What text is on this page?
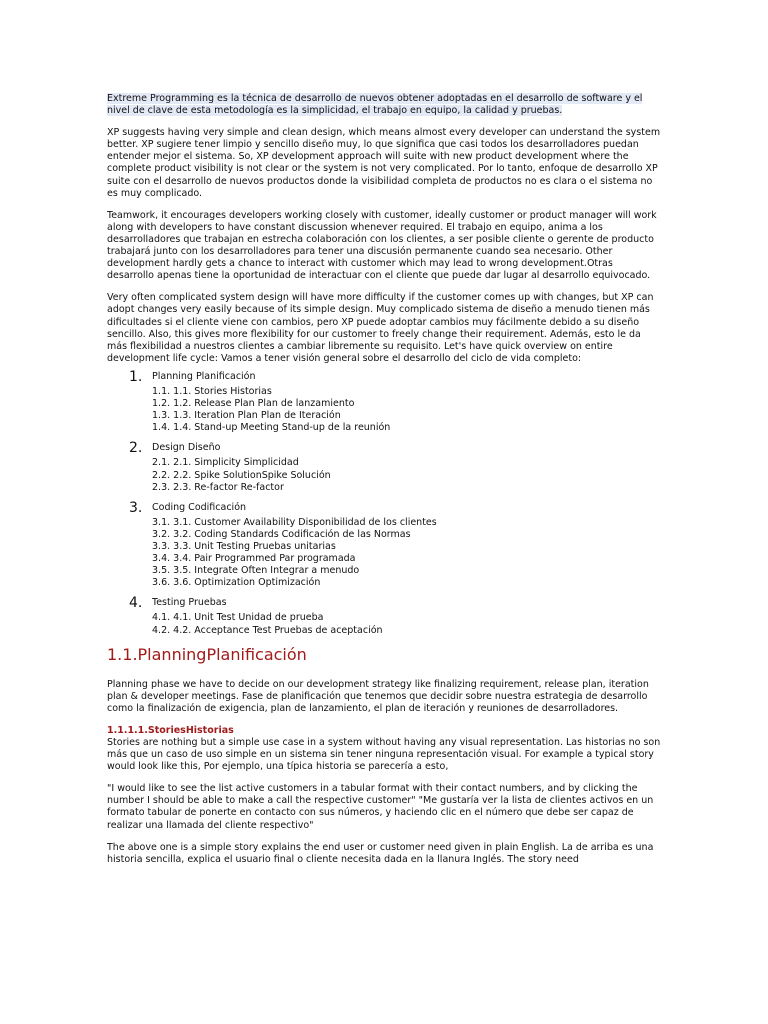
Extreme Programming es la técnica de desarrollo de nuevos obtener adoptadas en el desarrollo de software y el nivel de clave de esta metodología es la simplicidad, el trabajo en equipo, la calidad y pruebas.

XP suggests having very simple and clean design, which means almost every developer can understand the system better. XP sugiere tener limpio y sencillo diseño muy, lo que significa que casi todos los desarrolladores puedan entender mejor el sistema. So, XP development approach will suite with new product development where the complete product visibility is not clear or the system is not very complicated. Por lo tanto, enfoque de desarrollo XP suite con el desarrollo de nuevos productos donde la visibilidad completa de productos no es clara o el sistema no es muy complicado.

Teamwork, it encourages developers working closely with customer, ideally customer or product manager will work along with developers to have constant discussion whenever required. El trabajo en equipo, anima a los desarrolladores que trabajan en estrecha colaboración con los clientes, a ser posible cliente o gerente de producto trabajará junto con los desarrolladores para tener una discusión permanente cuando sea necesario. Other development hardly gets a chance to interact with customer which may lead to wrong development.Otras desarrollo apenas tiene la oportunidad de interactuar con el cliente que puede dar lugar al desarrollo equivocado.

Very often complicated system design will have more difficulty if the customer comes up with changes, but XP can adopt changes very easily because of its simple design. Muy complicado sistema de diseño a menudo tienen más dificultades si el cliente viene con cambios, pero XP puede adoptar cambios muy fácilmente debido a su diseño sencillo. Also, this gives more flexibility for our customer to freely change their requirement. Además, esto le da más flexibilidad a nuestros clientes a cambiar libremente su requisito. Let's have quick overview on entire development life cycle: Vamos a tener visión general sobre el desarrollo del ciclo de vida completo:

1. Planning Planificación
1.1. 1.1. Stories Historias
1.2. 1.2. Release Plan Plan de lanzamiento
1.3. 1.3. Iteration Plan Plan de Iteración
1.4. 1.4. Stand-up Meeting Stand-up de la reunión
2. Design Diseño
2.1. 2.1. Simplicity Simplicidad
2.2. 2.2. Spike SolutionSpike Solución
2.3. 2.3. Re-factor Re-factor
3. Coding Codificación
3.1. 3.1. Customer Availability Disponibilidad de los clientes
3.2. 3.2. Coding Standards Codificación de las Normas
3.3. 3.3. Unit Testing Pruebas unitarias
3.4. 3.4. Pair Programmed Par programada
3.5. 3.5. Integrate Often Integrar a menudo
3.6. 3.6. Optimization Optimización
4. Testing Pruebas
4.1. 4.1. Unit Test Unidad de prueba
4.2. 4.2. Acceptance Test Pruebas de aceptación
1.1.PlanningPlanificación

Planning phase we have to decide on our development strategy like finalizing requirement, release plan, iteration plan & developer meetings. Fase de planificación que tenemos que decidir sobre nuestra estrategia de desarrollo como la finalización de exigencia, plan de lanzamiento, el plan de iteración y reuniones de desarrolladores.

1.1.1.1.StoriesHistorias

Stories are nothing but a simple use case in a system without having any visual representation. Las historias no son más que un caso de uso simple en un sistema sin tener ninguna representación visual. For example a typical story would look like this, Por ejemplo, una típica historia se parecería a esto,

"I would like to see the list active customers in a tabular format with their contact numbers, and by clicking the number I should be able to make a call the respective customer" "Me gustaría ver la lista de clientes activos en un formato tabular de ponerte en contacto con sus números, y haciendo clic en el número que debe ser capaz de realizar una llamada del cliente respectivo"

The above one is a simple story explains the end user or customer need given in plain English. La de arriba es una historia sencilla, explica el usuario final o cliente necesita dada en la llanura Inglés. The story need
